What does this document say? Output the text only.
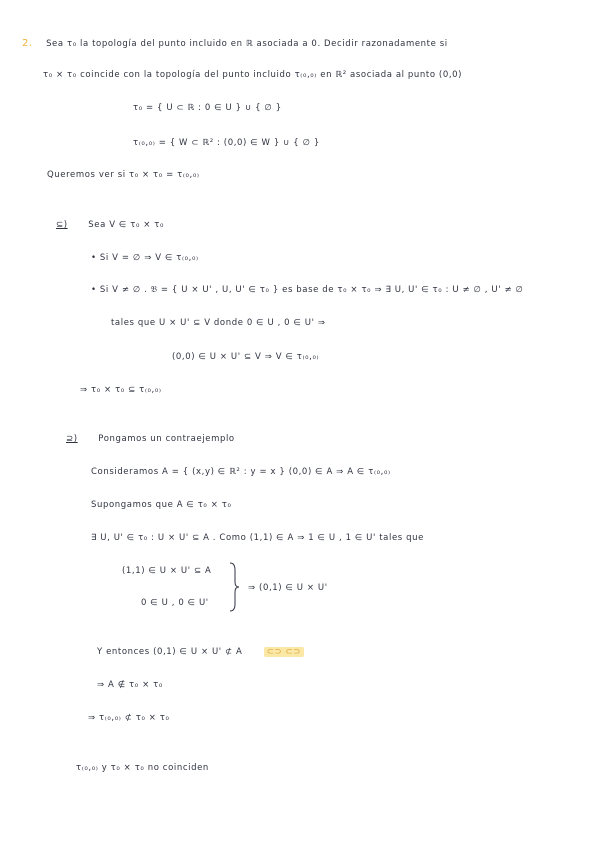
2. Sea τ₀ la topología del punto incluido en ℝ asociada a 0. Decidir razonadamente si
τ₀ × τ₀ coincide con la topología del punto incluido τ₍₀,₀₎ en ℝ² asociada al punto (0,0)
τ₀ = { U ⊂ ℝ : 0 ∈ U } ∪ { ∅ }
τ₍₀,₀₎ = { W ⊂ ℝ² : (0,0) ∈ W } ∪ { ∅ }
Queremos ver si τ₀ × τ₀ = τ₍₀,₀₎
⊆) Sea V ∈ τ₀ × τ₀
• Si V = ∅ ⇒ V ∈ τ₍₀,₀₎
• Si V ≠ ∅ . 𝔅 = { U × U' , U, U' ∈ τ₀ } es base de τ₀ × τ₀ ⇒ ∃ U, U' ∈ τ₀ : U ≠ ∅ , U' ≠ ∅
tales que U × U' ⊆ V donde 0 ∈ U , 0 ∈ U' ⇒
(0,0) ∈ U × U' ⊆ V ⇒ V ∈ τ₍₀,₀₎
⇒ τ₀ × τ₀ ⊆ τ₍₀,₀₎
⊇) Pongamos un contraejemplo
Consideramos A = { (x,y) ∈ ℝ² : y = x } (0,0) ∈ A ⇒ A ∈ τ₍₀,₀₎
Supongamos que A ∈ τ₀ × τ₀
∃ U, U' ∈ τ₀ : U × U' ⊆ A . Como (1,1) ∈ A ⇒ 1 ∈ U , 1 ∈ U' tales que
(1,1) ∈ U × U' ⊆ A
0 ∈ U , 0 ∈ U'
⇒ (0,1) ∈ U × U'
Y entonces (0,1) ∈ U × U' ⊄ A	⊂⊃ ⊂⊃
⇒ A ∉ τ₀ × τ₀
⇒ τ₍₀,₀₎ ⊄ τ₀ × τ₀
τ₍₀,₀₎ y τ₀ × τ₀ no coinciden
